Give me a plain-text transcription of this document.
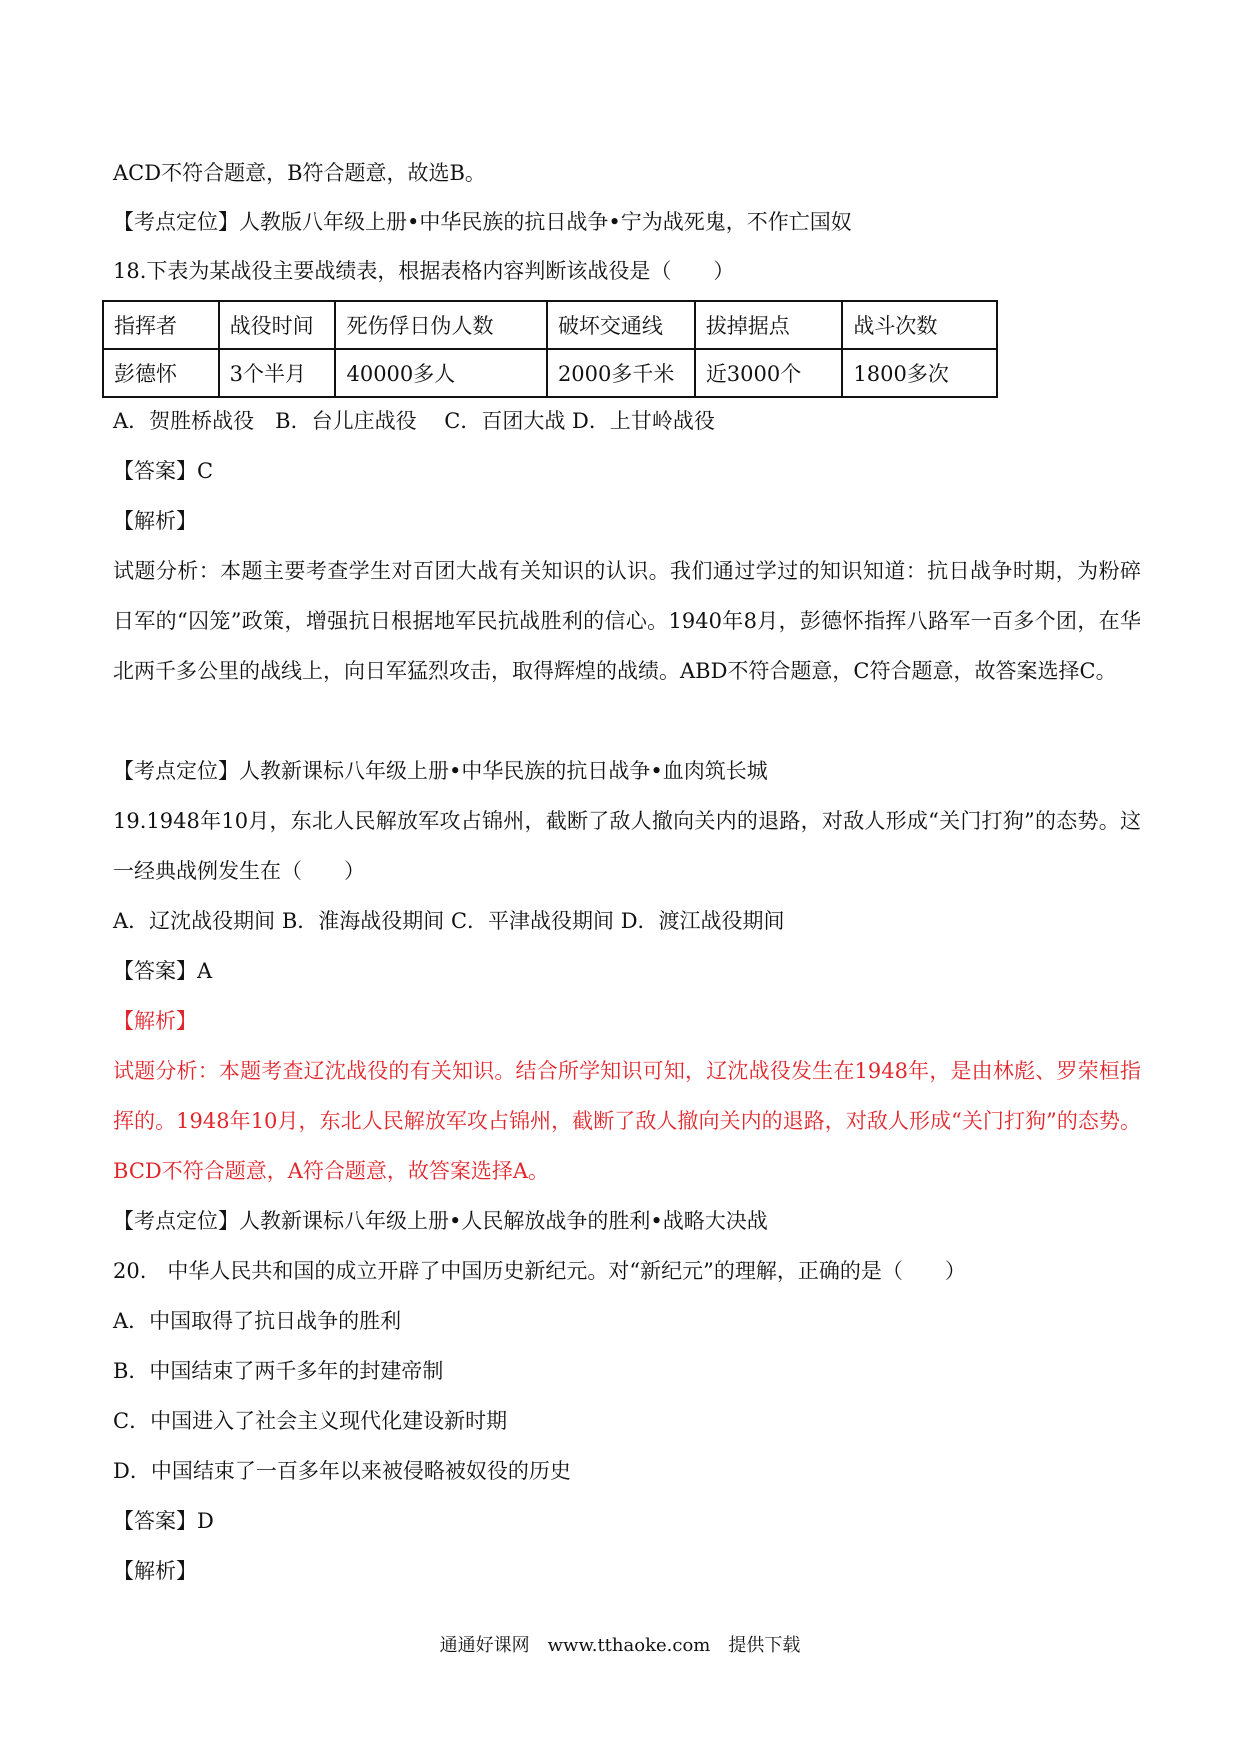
ACD不符合题意，B符合题意，故选B。
【考点定位】人教版八年级上册•中华民族的抗日战争•宁为战死鬼，不作亡国奴
18.下表为某战役主要战绩表，根据表格内容判断该战役是（　　）
指挥者	战役时间	死伤俘日伪人数	破坏交通线	拔掉据点	战斗次数
彭德怀	3个半月	40000多人	2000多千米	近3000个	1800多次
A．贺胜桥战役　B．台儿庄战役　 C．百团大战 D．上甘岭战役
【答案】C
【解析】
试题分析：本题主要考查学生对百团大战有关知识的认识。我们通过学过的知识知道：抗日战争时期，为粉碎日军的“囚笼”政策，增强抗日根据地军民抗战胜利的信心。1940年8月，彭德怀指挥八路军一百多个团，在华北两千多公里的战线上，向日军猛烈攻击，取得辉煌的战绩。ABD不符合题意，C符合题意，故答案选择C。
【考点定位】人教新课标八年级上册•中华民族的抗日战争•血肉筑长城
19.1948年10月，东北人民解放军攻占锦州，截断了敌人撤向关内的退路，对敌人形成“关门打狗”的态势。这一经典战例发生在（　　）
A．辽沈战役期间 B．淮海战役期间 C．平津战役期间 D．渡江战役期间
【答案】A
【解析】
试题分析：本题考查辽沈战役的有关知识。结合所学知识可知，辽沈战役发生在1948年，是由林彪、罗荣桓指挥的。1948年10月，东北人民解放军攻占锦州，截断了敌人撤向关内的退路，对敌人形成“关门打狗”的态势。BCD不符合题意，A符合题意，故答案选择A。
【考点定位】人教新课标八年级上册•人民解放战争的胜利•战略大决战
20.　中华人民共和国的成立开辟了中国历史新纪元。对“新纪元”的理解，正确的是（　　）
A．中国取得了抗日战争的胜利
B．中国结束了两千多年的封建帝制
C．中国进入了社会主义现代化建设新时期
D．中国结束了一百多年以来被侵略被奴役的历史
【答案】D
【解析】
通通好课网　www.tthaoke.com　提供下载
